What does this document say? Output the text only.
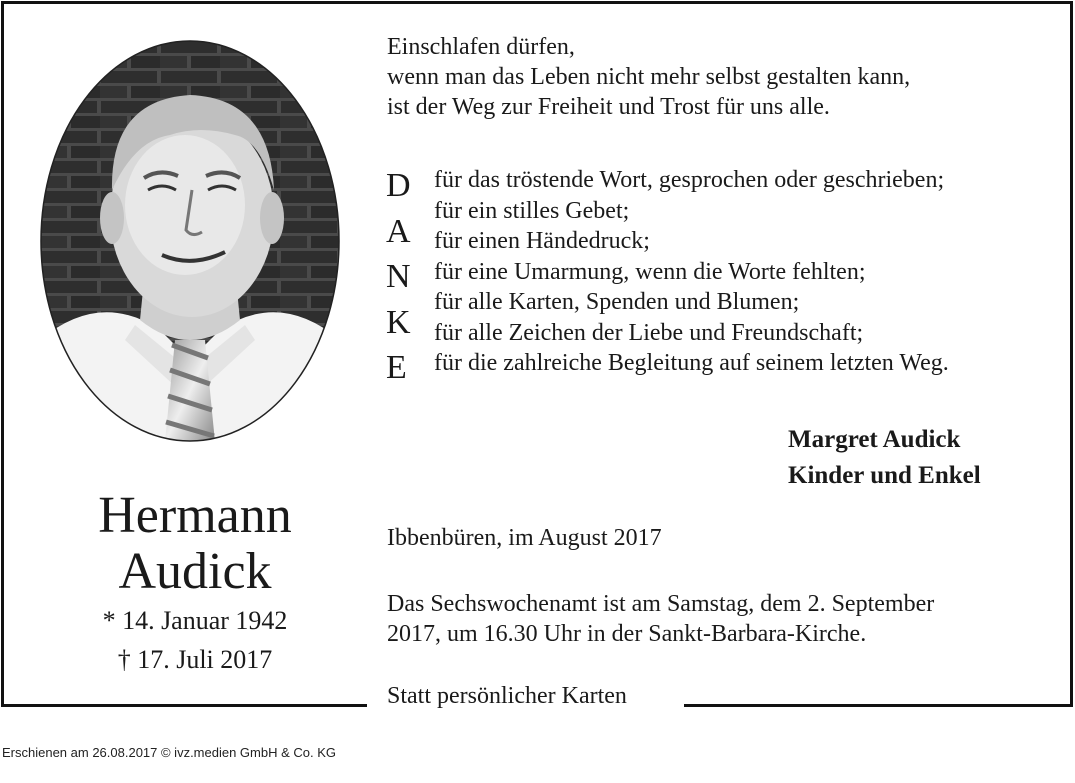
Hermann
Audick
* 14. Januar 1942
† 17. Juli 2017
Einschlafen dürfen,
wenn man das Leben nicht mehr selbst gestalten kann,
ist der Weg zur Freiheit und Trost für uns alle.
D
A
N
K
E
für das tröstende Wort, gesprochen oder geschrieben;
für ein stilles Gebet;
für einen Händedruck;
für eine Umarmung, wenn die Worte fehlten;
für alle Karten, Spenden und Blumen;
für alle Zeichen der Liebe und Freundschaft;
für die zahlreiche Begleitung auf seinem letzten Weg.
Margret Audick
Kinder und Enkel
Ibbenbüren, im August 2017
Das Sechswochenamt ist am Samstag, dem 2. September
2017, um 16.30 Uhr in der Sankt-Barbara-Kirche.
Statt persönlicher Karten
Erschienen am 26.08.2017 © ivz.medien GmbH & Co. KG
